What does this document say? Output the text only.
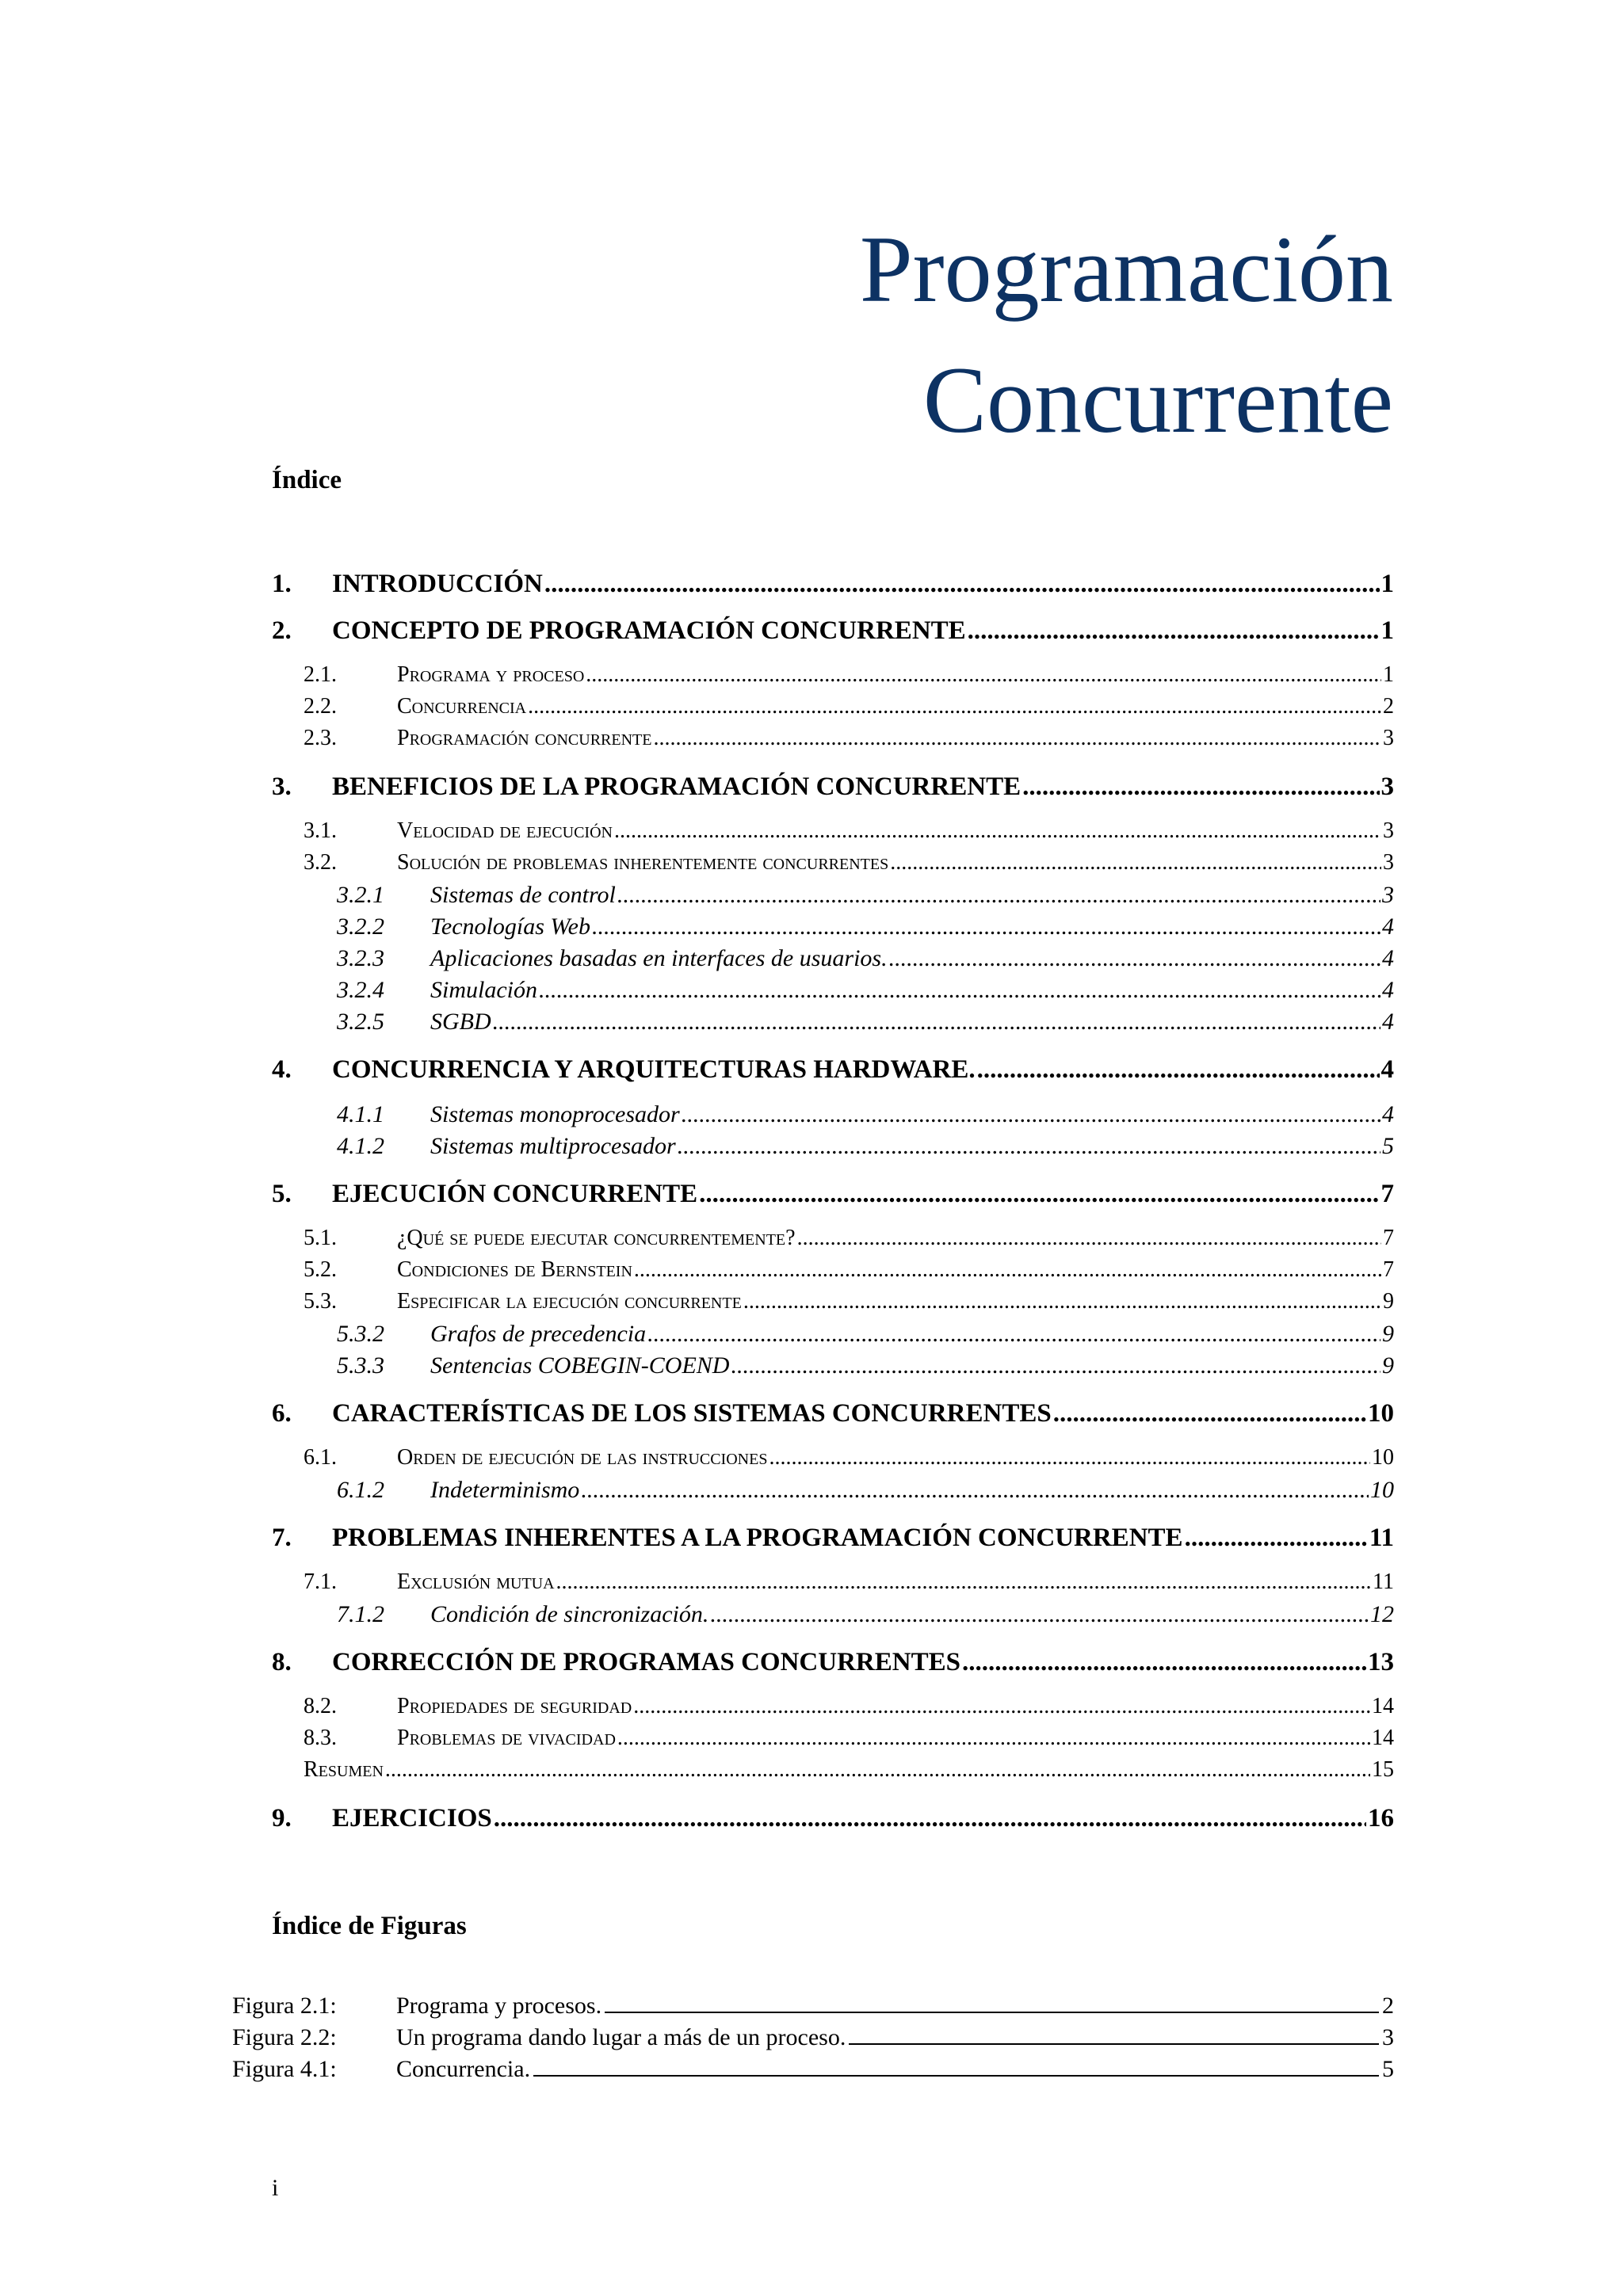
Programación
Concurrente
Índice
1.	INTRODUCCIÓN .....	1
2.	CONCEPTO DE PROGRAMACIÓN CONCURRENTE .....	1
2.1.	Programa y proceso .....	1
2.2.	Concurrencia .....	2
2.3.	Programación concurrente .....	3
3.	BENEFICIOS DE LA PROGRAMACIÓN CONCURRENTE .....	3
3.1.	Velocidad de ejecución .....	3
3.2.	Solución de problemas inherentemente concurrentes .....	3
3.2.1	Sistemas de control .....	3
3.2.2	Tecnologías Web .....	4
3.2.3	Aplicaciones basadas en interfaces de usuarios. .....	4
3.2.4	Simulación .....	4
3.2.5	SGBD .....	4
4.	CONCURRENCIA Y ARQUITECTURAS HARDWARE. .....	4
4.1.1	Sistemas monoprocesador .....	4
4.1.2	Sistemas multiprocesador .....	5
5.	EJECUCIÓN CONCURRENTE .....	7
5.1.	¿Qué se puede ejecutar concurrentemente? .....	7
5.2.	Condiciones de Bernstein .....	7
5.3.	Especificar la ejecución concurrente .....	9
5.3.2	Grafos de precedencia .....	9
5.3.3	Sentencias COBEGIN-COEND .....	9
6.	CARACTERÍSTICAS DE LOS SISTEMAS CONCURRENTES .....	10
6.1.	Orden de ejecución de las instrucciones .....	10
6.1.2	Indeterminismo .....	10
7.	PROBLEMAS INHERENTES A LA PROGRAMACIÓN CONCURRENTE .....	11
7.1.	Exclusión mutua .....	11
7.1.2	Condición de sincronización. .....	12
8.	CORRECCIÓN DE PROGRAMAS CONCURRENTES .....	13
8.2.	Propiedades de seguridad .....	14
8.3.	Problemas de vivacidad .....	14
Resumen .....	15
9.	EJERCICIOS .....	16
Índice de Figuras
Figura 2.1:	Programa y procesos.	2
Figura 2.2:	Un programa dando lugar a más de un proceso.	3
Figura 4.1:	Concurrencia.	5
i
